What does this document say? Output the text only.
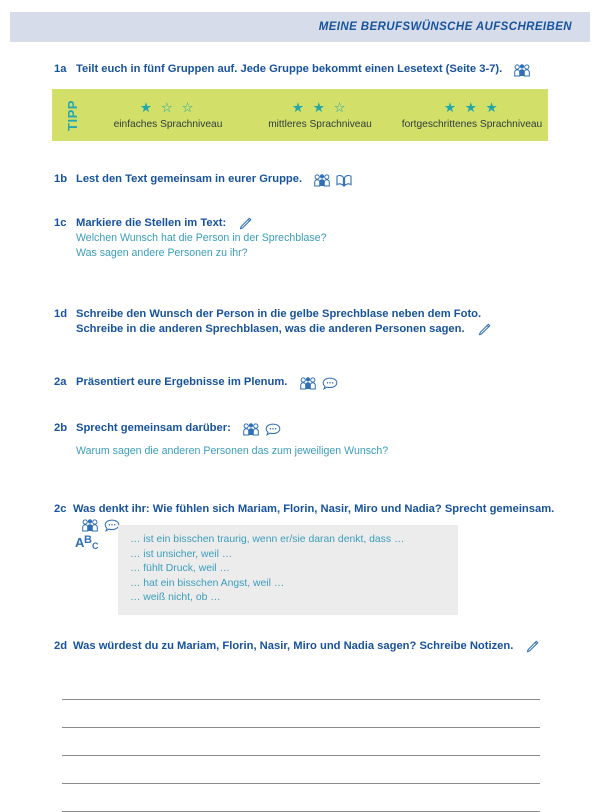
MEINE BERUFSWÜNSCHE AUFSCHREIBEN
1a Teilt euch in fünf Gruppen auf. Jede Gruppe bekommt einen Lesetext (Seite 3-7).
TIPP	★ ☆ ☆
einfaches Sprachniveau
★ ★ ☆
mittleres Sprachniveau
★ ★ ★
fortgeschrittenes Sprachniveau
1b Lest den Text gemeinsam in eurer Gruppe.
1c Markiere die Stellen im Text:
Welchen Wunsch hat die Person in der Sprechblase?
Was sagen andere Personen zu ihr?
1d Schreibe den Wunsch der Person in die gelbe Sprechblase neben dem Foto.
Schreibe in die anderen Sprechblasen, was die anderen Personen sagen.
2a Präsentiert eure Ergebnisse im Plenum.
2b Sprecht gemeinsam darüber:
Warum sagen die anderen Personen das zum jeweiligen Wunsch?
2c Was denkt ihr: Wie fühlen sich Mariam, Florin, Nasir, Miro und Nadia? Sprecht gemeinsam.
A B C
… ist ein bisschen traurig, wenn er/sie daran denkt, dass …
… ist unsicher, weil …
… fühlt Druck, weil …
… hat ein bisschen Angst, weil …
… weiß nicht, ob …
2d Was würdest du zu Mariam, Florin, Nasir, Miro und Nadia sagen? Schreibe Notizen.
